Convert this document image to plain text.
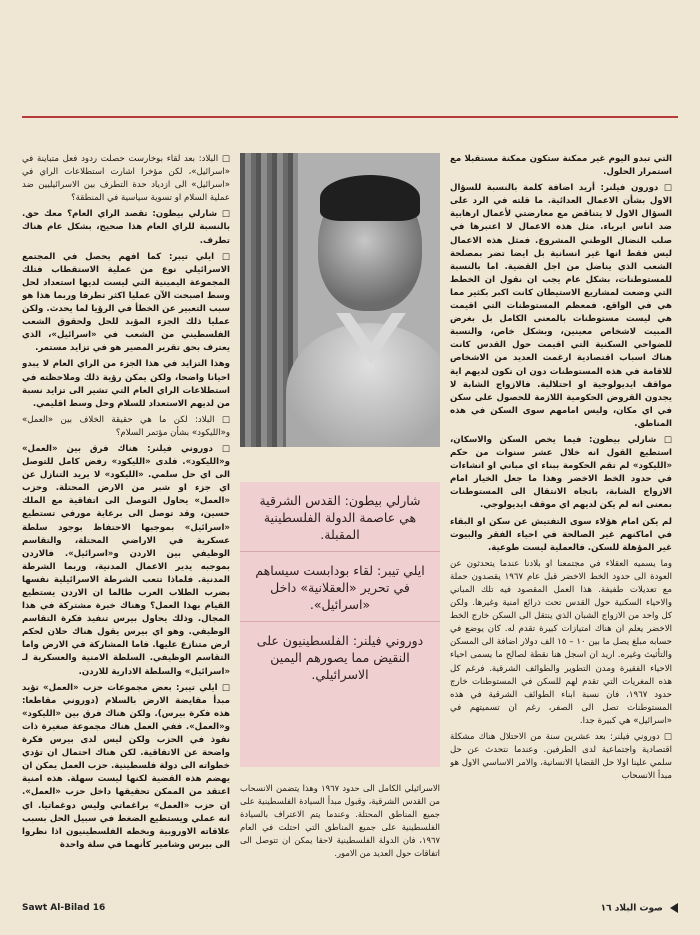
التي تبدو اليوم غير ممكنة ستكون ممكنة مستقبلا مع استمرار الحلول.

□ دورون فيلنر: أريد اضافة كلمة بالنسبة للسؤال الاول بشأن الاعمال العدائية. ما قلته في الرد على السؤال الاول لا يتناقض مع معارضتي لأعمال ارهابية ضد اناس ابرياء. مثل هذه الاعمال لا اعتبرها في صلب النضال الوطني المشروع. فمثل هذه الاعمال ليس فقط انها غير انسانية بل ايضا تضر بمصلحة الشعب الذي يناضل من اجل القضية. اما بالنسبة للمستوطنات، بشكل عام يجب ان نقول ان الخطط التي وضعت لمشاريع الاستيطان كانت اكبر بكثير مما هي في الواقع. فمعظم المستوطنات التي اقيمت هي ليست مستوطنات بالمعنى الكامل بل بغرض المبيت لاشخاص معينين، وبشكل خاص، والنسبة للضواحي السكنية التي اقيمت حول القدس كانت هناك اسباب اقتصادية ارغمت العديد من الاشخاص للاقامة في هذه المستوطنات دون ان تكون لديهم اية مواقف ايديولوجية او احتلالية. فالازواج الشابة لا يجدون القروض الحكومية اللازمة للحصول على سكن في اي مكان، وليس امامهم سوى السكن في هذه المناطق.

□ شارلي بيطون: فيما يخص السكن والاسكان، استطيع القول انه خلال عشر سنوات من حكم «الليكود» لم تقم الحكومة ببناء اي مباني او انشاءات في حدود الخط الاخضر وهذا ما جعل الخيار امام الازواج الشابة، باتجاه الانتقال الى المستوطنات بمعنى انه لم يكن لديهم اي موقف ايديولوجي.

لم يكن امام هؤلاء سوى التفتيش عن سكن او البقاء في اماكنهم غير الصالحة في احياء الفقر والبيوت غير المؤهلة للسكن. فالعملية ليست طوعية.

وما يسميه العقلاء في مجتمعنا او بلادنا عندما يتحدثون عن العودة الى حدود الخط الاخضر قبل عام ١٩٦٧ يقصدون حملة مع تعديلات طفيفة. هذا العمل المقصود فيه تلك المباني والاحياء السكنية حول القدس تحت ذرائع امنية وغيرها. ولكن كل واحد من الازواج الشبان الذي ينتقل الى السكن خارج الخط الاخضر يعلم ان هناك امتيازات كبيرة تقدم له. كان يوضع في حسابه مبلغ يصل ما بين ١٠ – ١٥ الف دولار اضافة الى المسكن والتأثيث وغيره. اريد ان اسجل هنا نقطة لصالح ما يسمى احياء الاحياء الفقيرة ومدن التطوير والطوائف الشرقية. فرغم كل هذه المغريات التي تقدم لهم للسكن في المستوطنات خارج حدود ١٩٦٧، فان نسبة ابناء الطوائف الشرقية في هذه المستوطنات تصل الى الصفر، رغم ان تسميتهم في «اسرائيل» هي كبيرة جدا.

□ دوروني فيلنر: بعد عشرين سنة من الاحتلال هناك مشكلة اقتصادية واجتماعية لدى الطرفين. وعندما نتحدث عن حل سلمي علينا اولا حل القضايا الانسانية، والامر الاساسي الاول هو مبدأ الانسحاب

شارلي بيطون: القدس الشرقية هي عاصمة الدولة الفلسطينية المقبلة.
ايلي تيبر: لقاء بودابست سيساهم في تحرير «العقلانية» داخل «اسرائيل».
دوروني فيلنر: الفلسطينيون على النقيض مما يصورهم اليمين الاسرائيلي.

الاسرائيلي الكامل الى حدود ١٩٦٧ وهذا يتضمن الانسحاب من القدس الشرقية، وقبول مبدأ السيادة الفلسطينية على جميع المناطق المحتلة. وعندما يتم الاعتراف بالسيادة الفلسطينية على جميع المناطق التي احتلت في العام ١٩٦٧، فان الدولة الفلسطينية لاحقا يمكن ان تتوصل الى اتفاقات حول العديد من الامور.

□ البلاد: بعد لقاء بوخارست حصلت ردود فعل متباينة في «اسرائيل»، لكن مؤخرا اشارت استطلاعات الراي في «اسرائيل» الى ازدياد حدة التطرف بين الاسرائيليين ضد عملية السلام او تسوية سياسية في المنطقة؟

□ شارلي بيطون: تقصد الراي العام؟ معك حق. بالنسبة للراي العام هذا صحيح، بشكل عام هناك تطرف.

□ ايلي تيبر: كما افهم يحصل في المجتمع الاسرائيلي نوع من عملية الاستقطاب فتلك المجموعة اليمينية التي ليست لديها استعداد لحل وسط اصبحت الآن عمليا اكثر تطرفا وربما هذا هو سبب التعبير عن الخطأ في الرؤيا لما يحدث. ولكن عمليا ذلك الجزء المؤيد للحل ولحقوق الشعب الفلسطيني من الشعب في «اسرائيل»، الذي يعترف بحق تقرير المصير هو في تزايد مستمر.

وهذا التزايد في هذا الجزء من الراي العام لا يبدو احيانا واضحا، ولكن يمكن رؤية ذلك وملاحظته في استطلاعات الراي العام التي تشير الى تزايد نسبة من لديهم الاستعداد للسلام وحل وسط اقليمي.

□ البلاد: لكن ما هي حقيقة الخلاف بين «العمل» و«الليكود» بشأن مؤتمر السلام؟

□ دوروني فيلنر: هناك فرق بين «العمل» و«الليكود». فلدى «الليكود» رفض كامل للتوصل الى اي حل سلمي. «الليكود» لا يريد التنازل عن اي جزء او شبر من الارض المحتلة. وحزب «العمل» يحاول التوصل الى اتفاقية مع الملك حسين، وقد توصل الى برعاية مورفي تستطيع «اسرائيل» بموجبها الاحتفاظ بوجود سلطة عسكرية في الاراضي المحتلة، والتقاسم الوظيفي بين الاردن و«اسرائيل». فالاردن بموجبه يدير الاعمال المدنية، وربما الشرطة المدنية. فلماذا تتعب الشرطة الاسرائيلية نفسها بضرب الطلاب العرب طالما ان الاردن يستطيع القيام بهذا العمل؟ وهناك خبرة مشتركة في هذا المجال. وذلك يحاول بيرس تنفيذ فكرة التقاسم الوظيفي. وهو اي بيرس يقول هناك حلان لحكم ارض متنازع عليها. فاما المشاركة في الارض واما التقاسم الوظيفي. السلطة الامنية والعسكرية لـ «اسرائيل» والسلطة الادارية للاردن.

□ ايلي تيبر: بعض مجموعات حزب «العمل» تؤيد مبدأ مقايضة الارض بالسلام (دوروني مقاطعا: هذه فكرة بيرس). ولكن هناك فرق بين «الليكود» و«العمل». ففي العمل هناك مجموعة صغيرة ذات نفوذ في الحزب ولكن ليس لدى بيرس فكرة واضحة عن الاتفاقية. لكن هناك احتمال ان تؤدي خطواته الى دولة فلسطينية. حزب العمل يمكن ان يهضم هذه القضية لكنها ليست سهلة. هذه امنية اعتقد من الممكن تحقيقها داخل حزب «العمل». ان حزب «العمل» براغماتي وليس دوغماتيا. اي انه عملي ويستطيع الضغط في سبيل الحل بسبب علاقاته الاوروبية وبخطه الفلسطينيون اذا نظروا الى بيرس وشامير كأنهما في سلة واحدة

Sawt Al-Bilad 16	صوت البلاد ١٦
